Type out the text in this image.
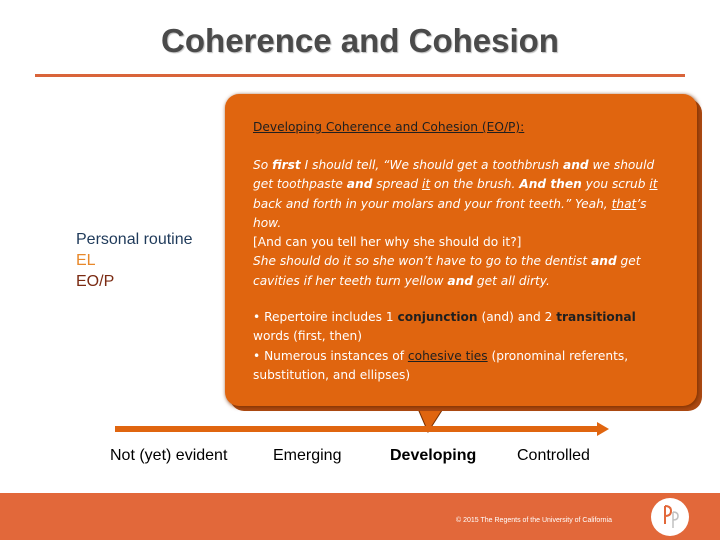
Coherence and Cohesion
Personal routine
EL
EO/P
Developing Coherence and Cohesion (EO/P):
So first I should tell, “We should get a toothbrush and we should get toothpaste and spread it on the brush. And then you scrub it back and forth in your molars and your front teeth.” Yeah, that’s how.
[And can you tell her why she should do it?]
She should do it so she won’t have to go to the dentist and get cavities if her teeth turn yellow and get all dirty.
• Repertoire includes 1 conjunction (and) and 2 transitional words (first, then)
• Numerous instances of cohesive ties (pronominal referents, substitution, and ellipses)
Not (yet) evident	Emerging	Developing	Controlled
© 2015 The Regents of the University of California
